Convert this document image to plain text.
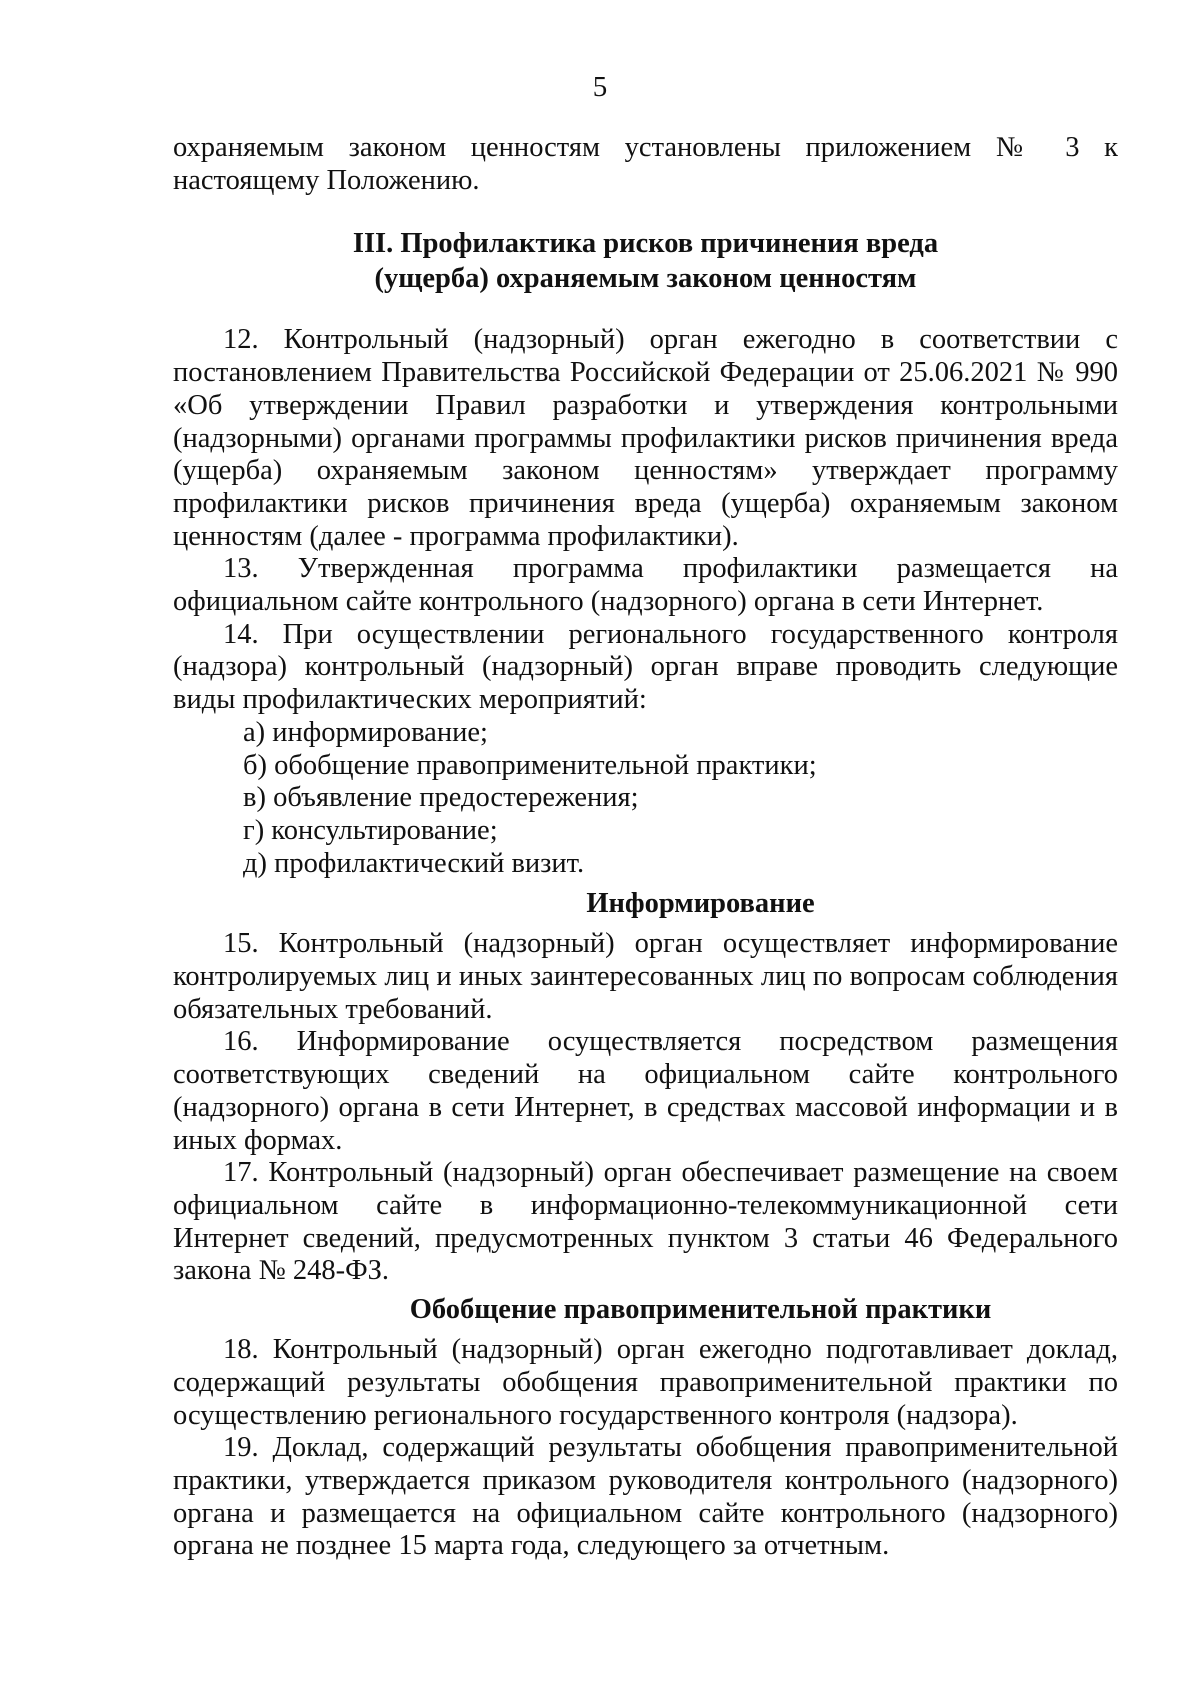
5

охраняемым законом ценностям установлены приложением № 3 к настоящему Положению.

III. Профилактика рисков причинения вреда
(ущерба) охраняемым законом ценностям

12. Контрольный (надзорный) орган ежегодно в соответствии с постановлением Правительства Российской Федерации от 25.06.2021 № 990 «Об утверждении Правил разработки и утверждения контрольными (надзорными) органами программы профилактики рисков причинения вреда (ущерба) охраняемым законом ценностям» утверждает программу профилактики рисков причинения вреда (ущерба) охраняемым законом ценностям (далее - программа профилактики).

13. Утвержденная программа профилактики размещается на официальном сайте контрольного (надзорного) органа в сети Интернет.

14. При осуществлении регионального государственного контроля (надзора) контрольный (надзорный) орган вправе проводить следующие виды профилактических мероприятий:

а) информирование;

б) обобщение правоприменительной практики;

в) объявление предостережения;

г) консультирование;

д) профилактический визит.

Информирование

15. Контрольный (надзорный) орган осуществляет информирование контролируемых лиц и иных заинтересованных лиц по вопросам соблюдения обязательных требований.

16. Информирование осуществляется посредством размещения соответствующих сведений на официальном сайте контрольного (надзорного) органа в сети Интернет, в средствах массовой информации и в иных формах.

17. Контрольный (надзорный) орган обеспечивает размещение на своем официальном сайте в информационно-телекоммуникационной сети Интернет сведений, предусмотренных пунктом 3 статьи 46 Федерального закона № 248-ФЗ.

Обобщение правоприменительной практики

18. Контрольный (надзорный) орган ежегодно подготавливает доклад, содержащий результаты обобщения правоприменительной практики по осуществлению регионального государственного контроля (надзора).

19. Доклад, содержащий результаты обобщения правоприменительной практики, утверждается приказом руководителя контрольного (надзорного) органа и размещается на официальном сайте контрольного (надзорного) органа не позднее 15 марта года, следующего за отчетным.
